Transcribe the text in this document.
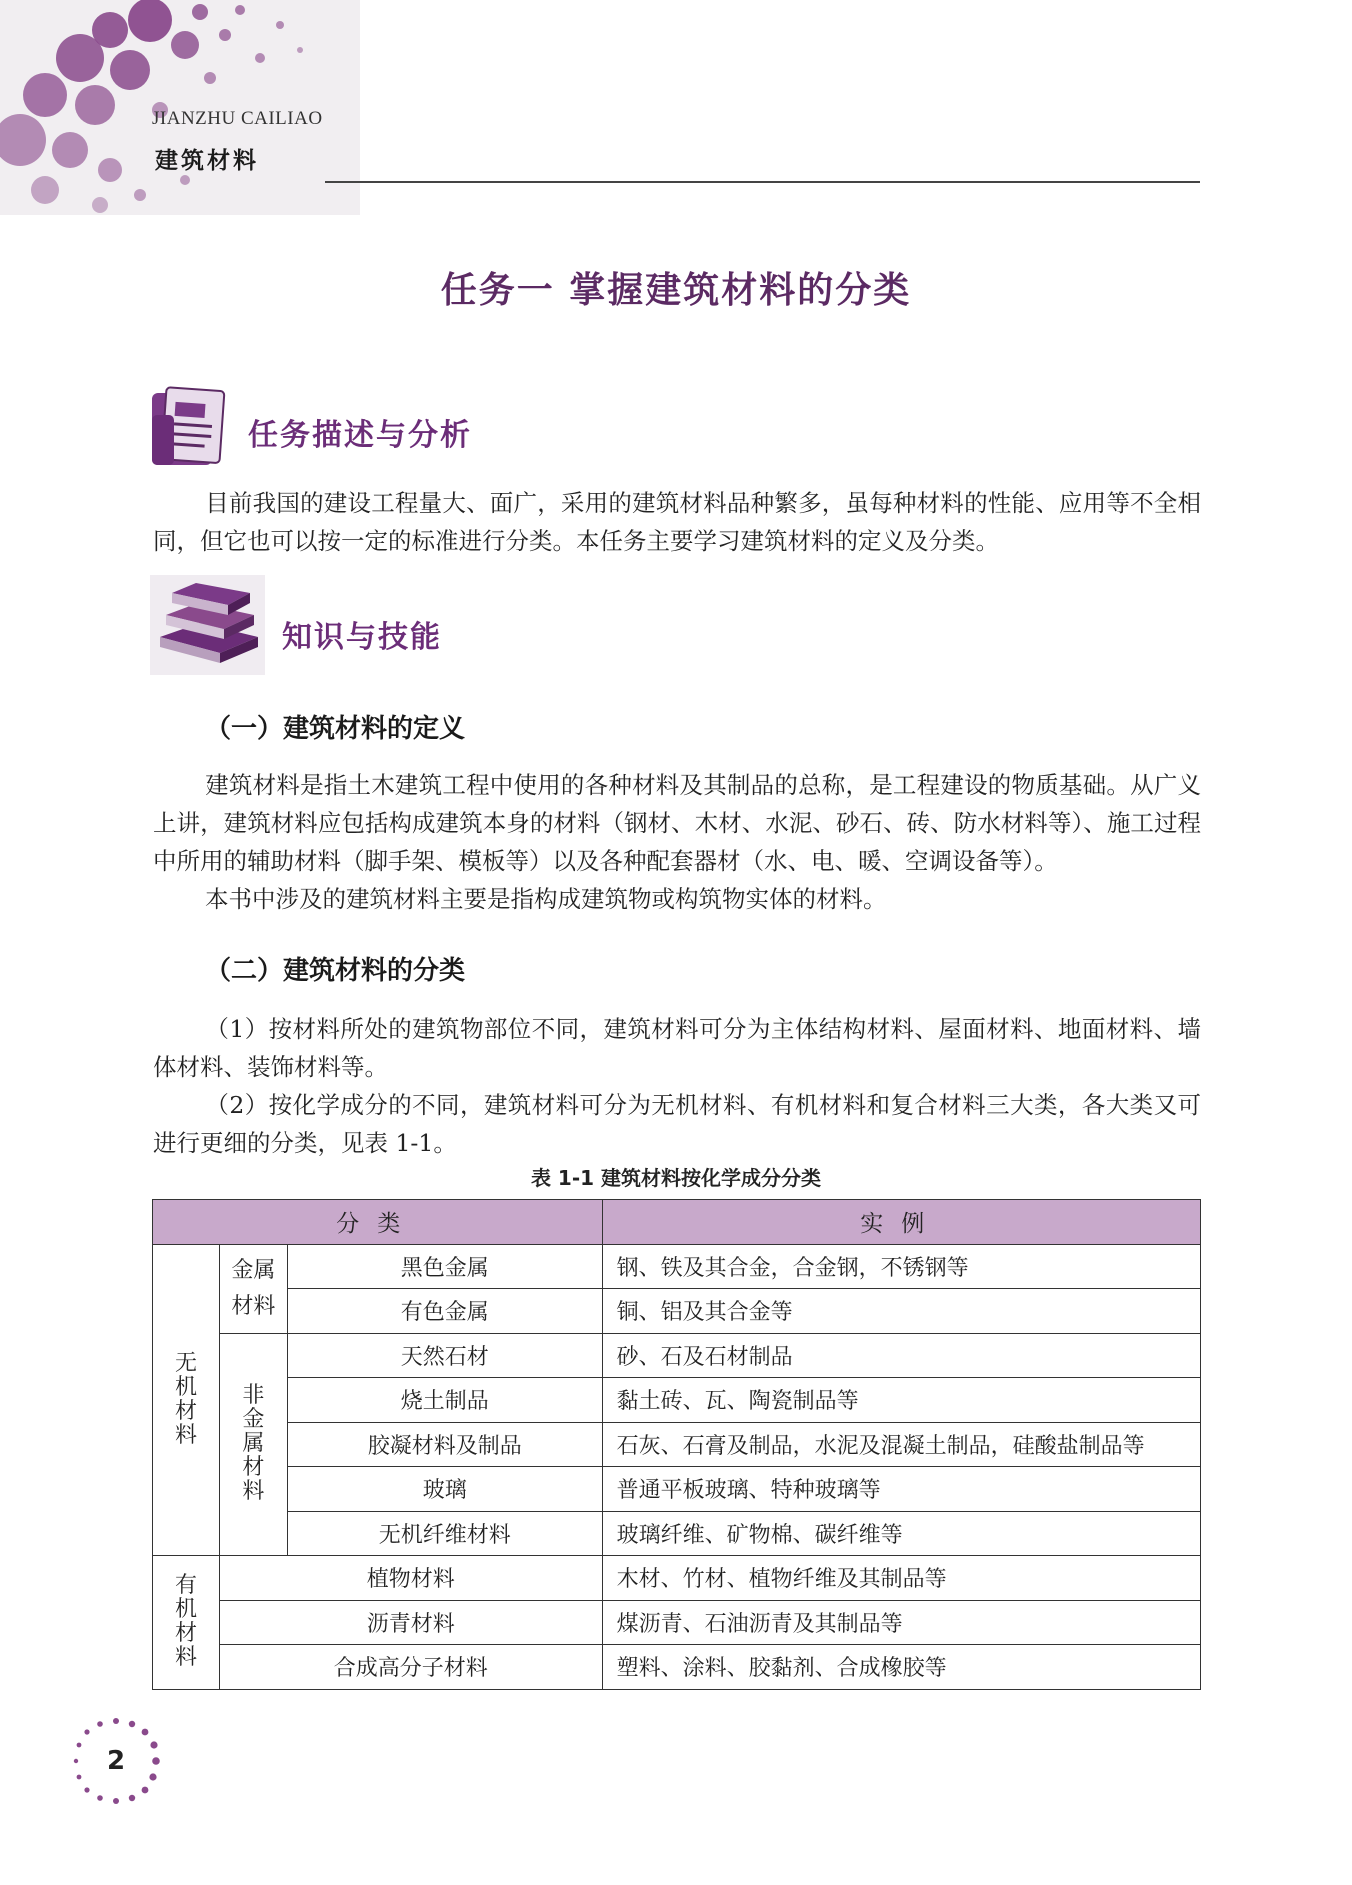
JIANZHU CAILIAO
建筑材料
任务一 掌握建筑材料的分类
任务描述与分析
目前我国的建设工程量大、面广，采用的建筑材料品种繁多，虽每种材料的性能、应用等不全相同，但它也可以按一定的标准进行分类。本任务主要学习建筑材料的定义及分类。
知识与技能
（一）建筑材料的定义
建筑材料是指土木建筑工程中使用的各种材料及其制品的总称，是工程建设的物质基础。从广义上讲，建筑材料应包括构成建筑本身的材料（钢材、木材、水泥、砂石、砖、防水材料等）、施工过程中所用的辅助材料（脚手架、模板等）以及各种配套器材（水、电、暖、空调设备等）。
本书中涉及的建筑材料主要是指构成建筑物或构筑物实体的材料。
（二）建筑材料的分类
（1）按材料所处的建筑物部位不同，建筑材料可分为主体结构材料、屋面材料、地面材料、墙体材料、装饰材料等。
（2）按化学成分的不同，建筑材料可分为无机材料、有机材料和复合材料三大类，各大类又可进行更细的分类，见表 1-1。
表 1-1 建筑材料按化学成分分类
分类			实例

无机材料	金属材料	黑色金属	钢、铁及其合金，合金钢，不锈钢等
		有色金属	铜、铝及其合金等

	非金属材料	天然石材	砂、石及石材制品
		烧土制品	黏土砖、瓦、陶瓷制品等
		胶凝材料及制品	石灰、石膏及制品，水泥及混凝土制品，硅酸盐制品等
		玻璃	普通平板玻璃、特种玻璃等
		无机纤维材料	玻璃纤维、矿物棉、碳纤维等

有机材料	植物材料		木材、竹材、植物纤维及其制品等
	沥青材料		煤沥青、石油沥青及其制品等
	合成高分子材料		塑料、涂料、胶黏剂、合成橡胶等
2
